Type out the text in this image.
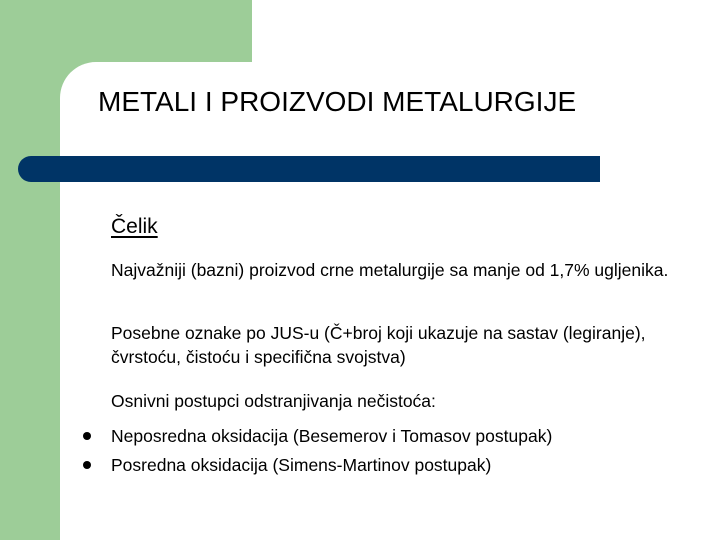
METALI I PROIZVODI METALURGIJE
Čelik

Najvažniji (bazni) proizvod crne metalurgije sa manje od 1,7% ugljenika.

Posebne oznake po JUS-u (Č+broj koji ukazuje na sastav (legiranje), čvrstoću, čistoću i specifična svojstva)

Osnivni postupci odstranjivanja nečistoća:

Neposredna oksidacija (Besemerov i Tomasov postupak)
Posredna oksidacija (Simens-Martinov postupak)
